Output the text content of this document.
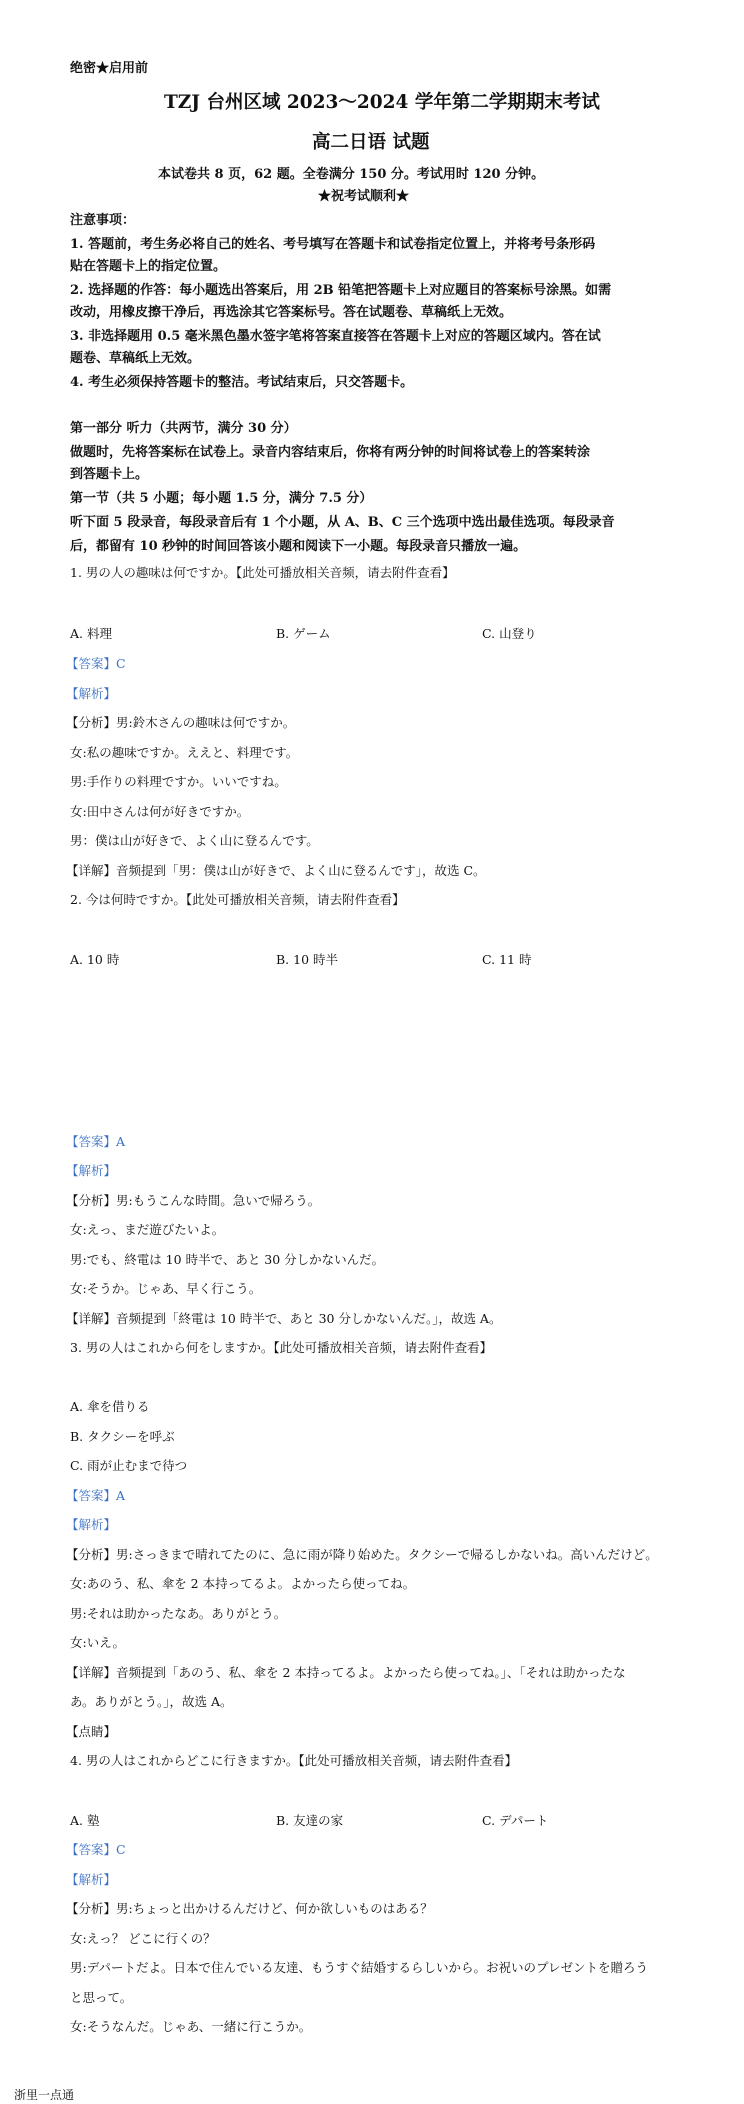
绝密★启用前
TZJ 台州区域 2023～2024 学年第二学期期末考试
高二日语 试题
本试卷共 8 页，62 题。全卷满分 150 分。考试用时 120 分钟。
★祝考试顺利★
注意事项：
1. 答题前，考生务必将自己的姓名、考号填写在答题卡和试卷指定位置上，并将考号条形码
贴在答题卡上的指定位置。
2. 选择题的作答：每小题选出答案后，用 2B 铅笔把答题卡上对应题目的答案标号涂黑。如需
改动，用橡皮擦干净后，再选涂其它答案标号。答在试题卷、草稿纸上无效。
3. 非选择题用 0.5 毫米黑色墨水签字笔将答案直接答在答题卡上对应的答题区域内。答在试
题卷、草稿纸上无效。
4. 考生必须保持答题卡的整洁。考试结束后，只交答题卡。
第一部分 听力（共两节，满分 30 分）
做题时，先将答案标在试卷上。录音内容结束后，你将有两分钟的时间将试卷上的答案转涂
到答题卡上。
第一节（共 5 小题；每小题 1.5 分，满分 7.5 分）
听下面 5 段录音，每段录音后有 1 个小题，从 A、B、C 三个选项中选出最佳选项。每段录音
后，都留有 10 秒钟的时间回答该小题和阅读下一小题。每段录音只播放一遍。
1. 男の人の趣味は何ですか。【此处可播放相关音频，请去附件查看】
A. 料理	B. ゲーム	C. 山登り
【答案】C
【解析】
【分析】男:鈴木さんの趣味は何ですか。
女:私の趣味ですか。ええと、料理です。
男:手作りの料理ですか。いいですね。
女:田中さんは何が好きですか。
男：僕は山が好きで、よく山に登るんです。
【详解】音频提到「男：僕は山が好きで、よく山に登るんです」，故选 C。
2. 今は何時ですか。【此处可播放相关音频，请去附件查看】
A. 10 時	B. 10 時半	C. 11 時
【答案】A
【解析】
【分析】男:もうこんな時間。急いで帰ろう。
女:えっ、まだ遊びたいよ。
男:でも、終電は 10 時半で、あと 30 分しかないんだ。
女:そうか。じゃあ、早く行こう。
【详解】音频提到「終電は 10 時半で、あと 30 分しかないんだ。」，故选 A。
3. 男の人はこれから何をしますか。【此处可播放相关音频，请去附件查看】
A. 傘を借りる
B. タクシーを呼ぶ
C. 雨が止むまで待つ
【答案】A
【解析】
【分析】男:さっきまで晴れてたのに、急に雨が降り始めた。タクシーで帰るしかないね。高いんだけど。
女:あのう、私、傘を 2 本持ってるよ。よかったら使ってね。
男:それは助かったなあ。ありがとう。
女:いえ。
【详解】音频提到「あのう、私、傘を 2 本持ってるよ。よかったら使ってね。」、「それは助かったな
あ。ありがとう。」，故选 A。
【点睛】
4. 男の人はこれからどこに行きますか。【此处可播放相关音频，请去附件查看】
A. 塾	B. 友達の家	C. デパート
【答案】C
【解析】
【分析】男:ちょっと出かけるんだけど、何か欲しいものはある？
女:えっ？ どこに行くの？
男:デパートだよ。日本で住んでいる友達、もうすぐ結婚するらしいから。お祝いのプレゼントを贈ろう
と思って。
女:そうなんだ。じゃあ、一緒に行こうか。
浙里一点通
